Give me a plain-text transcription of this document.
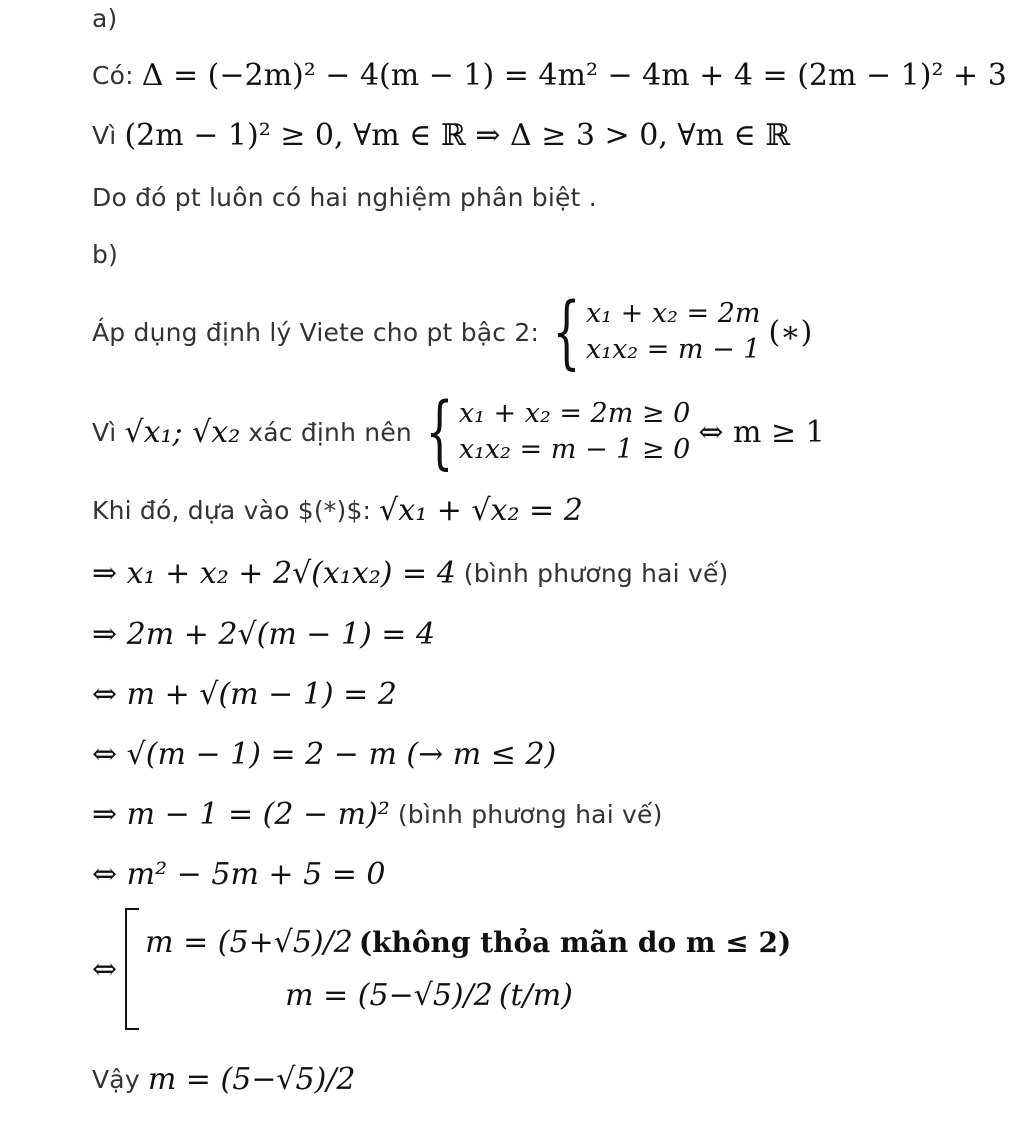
a)
Có: Δ = (−2m)² − 4(m − 1) = 4m² − 4m + 4 = (2m − 1)² + 3
Vì (2m − 1)² ≥ 0, ∀m ∈ ℝ ⇒ Δ ≥ 3 > 0, ∀m ∈ ℝ
Do đó pt luôn có hai nghiệm phân biệt .
b)
Áp dụng định lý Viete cho pt bậc 2: { x₁ + x₂ = 2m
x₁x₂ = m − 1 (∗)
Vì √x₁; √x₂ xác định nên { x₁ + x₂ = 2m ≥ 0
x₁x₂ = m − 1 ≥ 0 ⇔ m ≥ 1
Khi đó, dựa vào $(*)$: √x₁ + √x₂ = 2
⇒ x₁ + x₂ + 2√(x₁x₂) = 4 (bình phương hai vế)
⇒ 2m + 2√(m − 1) = 4
⇔ m + √(m − 1) = 2
⇔ √(m − 1) = 2 − m (→ m ≤ 2)
⇒ m − 1 = (2 − m)² (bình phương hai vế)
⇔ m² − 5m + 5 = 0
⇔
m = (5+√5)/2 (không thỏa mãn do m ≤ 2)
m = (5−√5)/2 (t/m)
Vậy m = (5−√5)/2
